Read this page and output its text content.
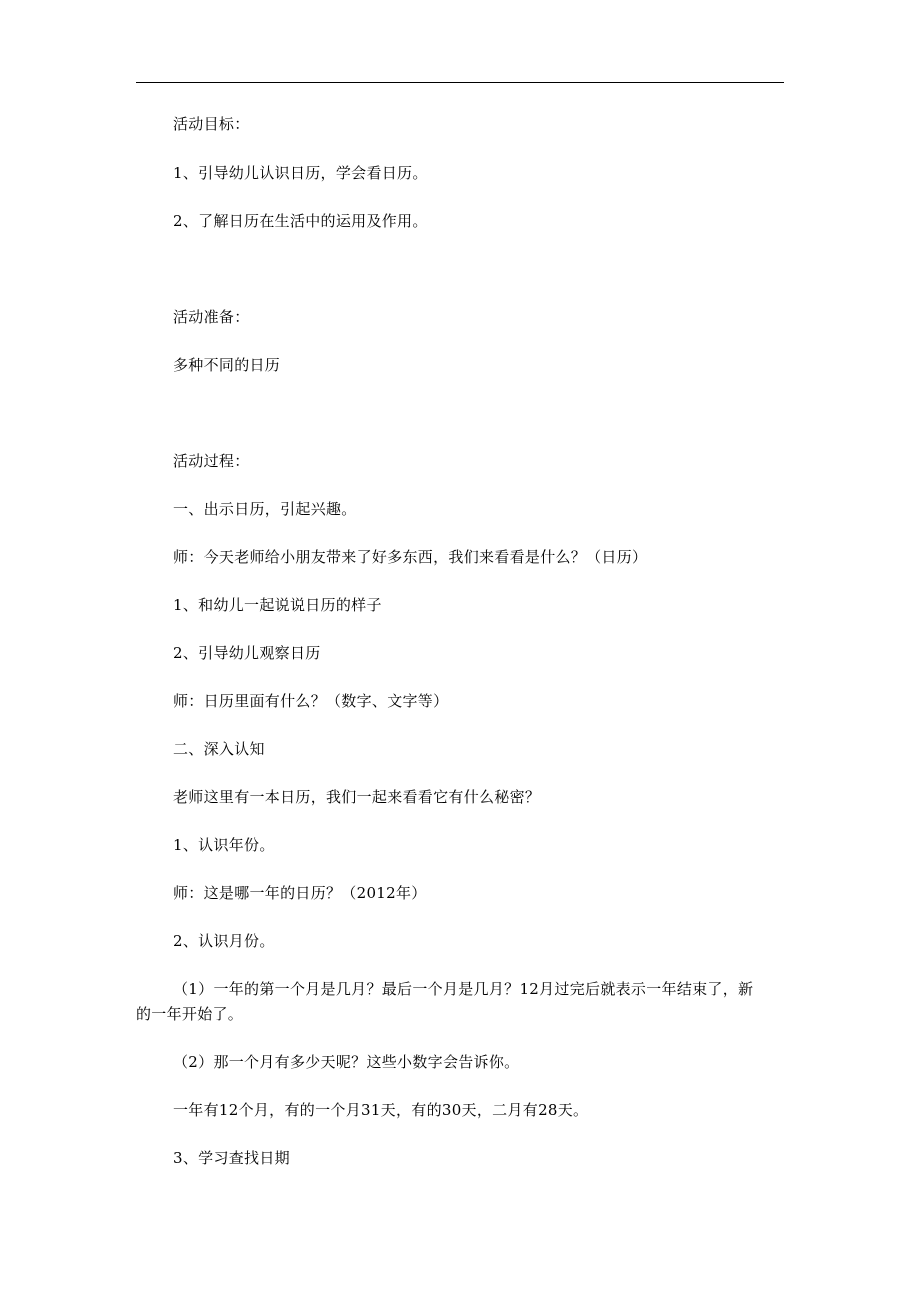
活动目标：
1、引导幼儿认识日历，学会看日历。
2、了解日历在生活中的运用及作用。
活动准备：
多种不同的日历
活动过程：
一、出示日历，引起兴趣。
师：今天老师给小朋友带来了好多东西，我们来看看是什么？（日历）
1、和幼儿一起说说日历的样子
2、引导幼儿观察日历
师：日历里面有什么？（数字、文字等）
二、深入认知
老师这里有一本日历，我们一起来看看它有什么秘密？
1、认识年份。
师：这是哪一年的日历？（2012年）
2、认识月份。
（1）一年的第一个月是几月？最后一个月是几月？12月过完后就表示一年结束了，新
的一年开始了。
（2）那一个月有多少天呢？这些小数字会告诉你。
一年有12个月，有的一个月31天，有的30天，二月有28天。
3、学习查找日期
